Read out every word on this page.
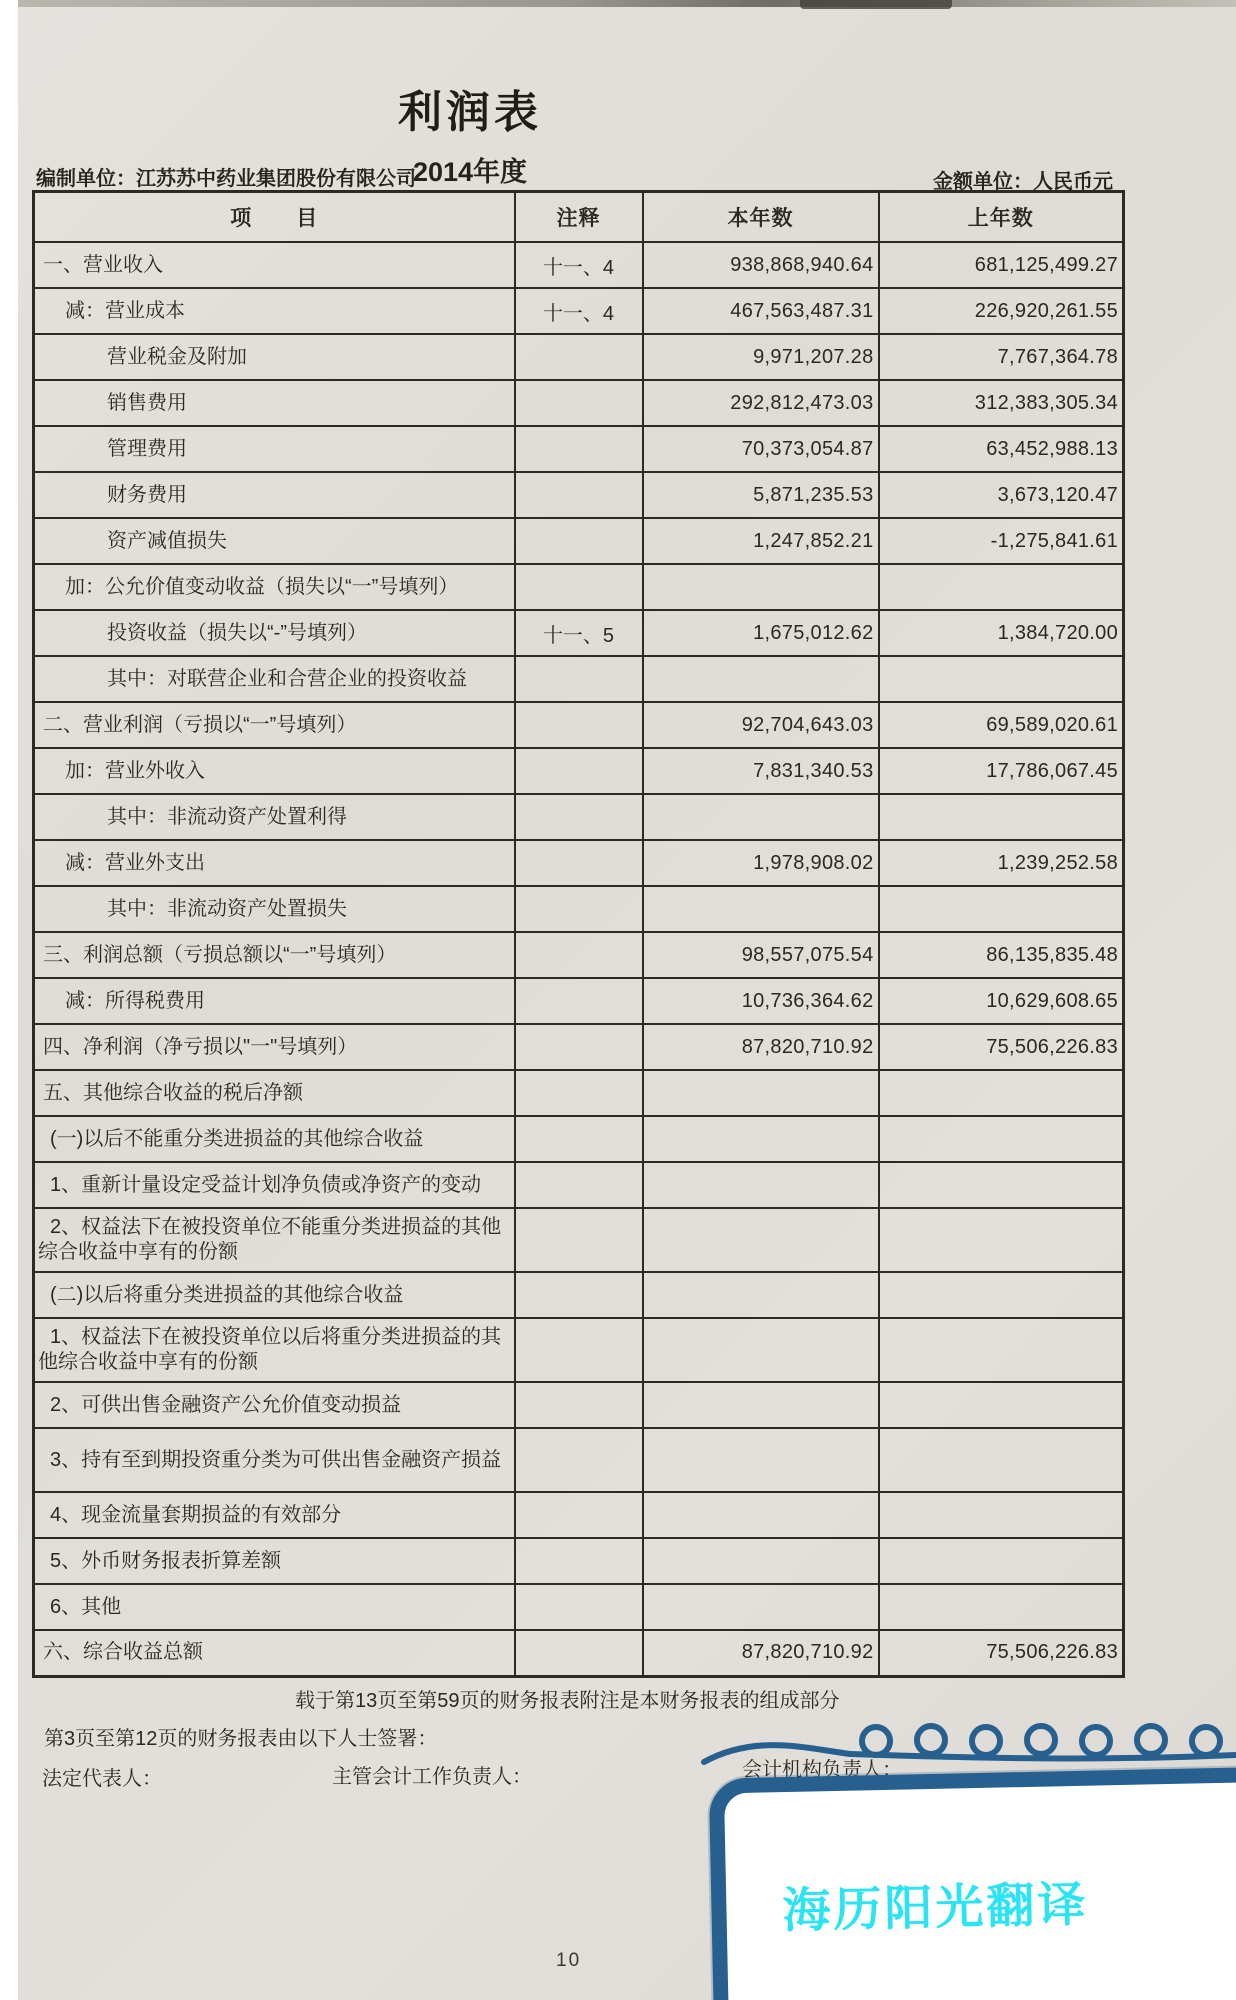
利润表
2014年度
编制单位：江苏苏中药业集团股份有限公司	金额单位：人民币元
项　　目	注释	本年数	上年数
一、营业收入	十一、4	938,868,940.64	681,125,499.27
减：营业成本	十一、4	467,563,487.31	226,920,261.55
营业税金及附加		9,971,207.28	7,767,364.78
销售费用		292,812,473.03	312,383,305.34
管理费用		70,373,054.87	63,452,988.13
财务费用		5,871,235.53	3,673,120.47
资产减值损失		1,247,852.21	-1,275,841.61
加：公允价值变动收益（损失以“一”号填列）			
投资收益（损失以“-”号填列）	十一、5	1,675,012.62	1,384,720.00
其中：对联营企业和合营企业的投资收益			
二、营业利润（亏损以“一”号填列）		92,704,643.03	69,589,020.61
加：营业外收入		7,831,340.53	17,786,067.45
其中：非流动资产处置利得			
减：营业外支出		1,978,908.02	1,239,252.58
其中：非流动资产处置损失			
三、利润总额（亏损总额以“一”号填列）		98,557,075.54	86,135,835.48
减：所得税费用		10,736,364.62	10,629,608.65
四、净利润（净亏损以"一"号填列）		87,820,710.92	75,506,226.83
五、其他综合收益的税后净额			
(一)以后不能重分类进损益的其他综合收益			
1、重新计量设定受益计划净负债或净资产的变动			
2、权益法下在被投资单位不能重分类进损益的其他综合收益中享有的份额			
(二)以后将重分类进损益的其他综合收益			
1、权益法下在被投资单位以后将重分类进损益的其他综合收益中享有的份额			
2、可供出售金融资产公允价值变动损益			
3、持有至到期投资重分类为可供出售金融资产损益			
4、现金流量套期损益的有效部分			
5、外币财务报表折算差额			
6、其他			
六、综合收益总额		87,820,710.92	75,506,226.83
载于第13页至第59页的财务报表附注是本财务报表的组成部分
第3页至第12页的财务报表由以下人士签署：
法定代表人：	主管会计工作负责人：	会计机构负责人：
海历阳光翻译
10
